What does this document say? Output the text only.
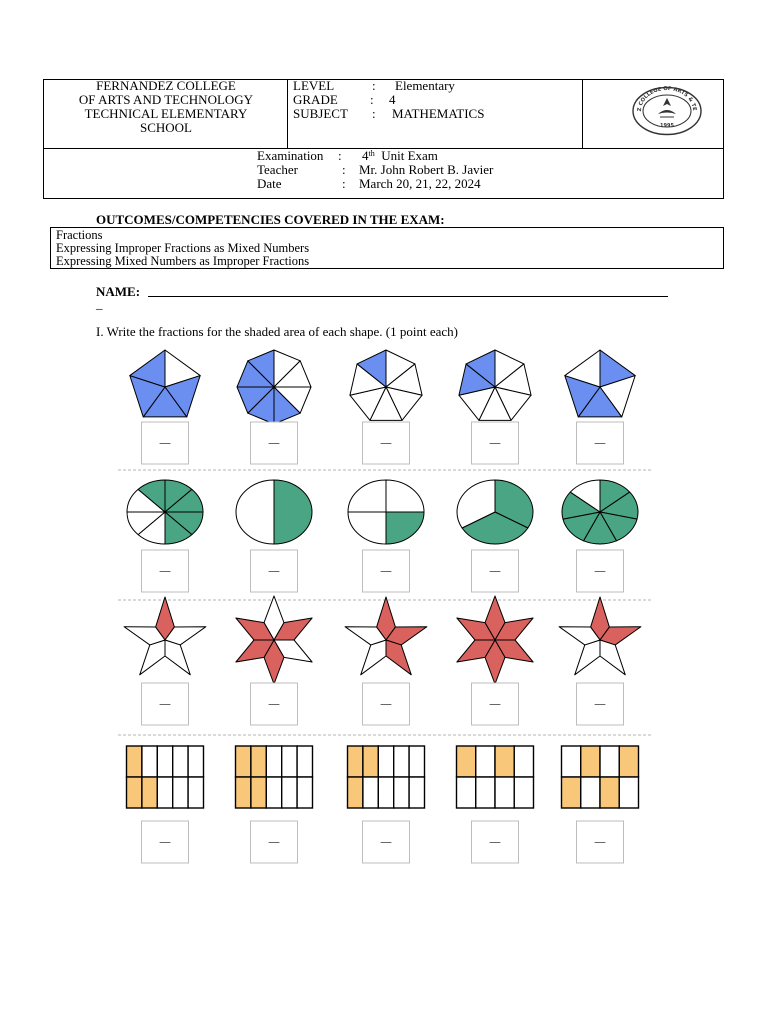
FERNANDEZ COLLEGE
OF ARTS AND TECHNOLOGY
TECHNICAL ELEMENTARY
SCHOOL
LEVEL	: Elementary
GRADE : 4
SUBJECT : MATHEMATICS	Z COLLEGE OF ARTS & TE
1995
Examination : 4th Unit Exam
Teacher	: Mr. John Robert B. Javier
Date	: March 20, 21, 22, 2024
OUTCOMES/COMPETENCIES COVERED IN THE EXAM:
Fractions
Expressing Improper Fractions as Mixed Numbers
Expressing Mixed Numbers as Improper Fractions
NAME:
_
I. Write the fractions for the shaded area of each shape. (1 point each)
—	—	—	—	—
—	—	—	—	—
—	—	—	—	—
—	—	—	—	—
